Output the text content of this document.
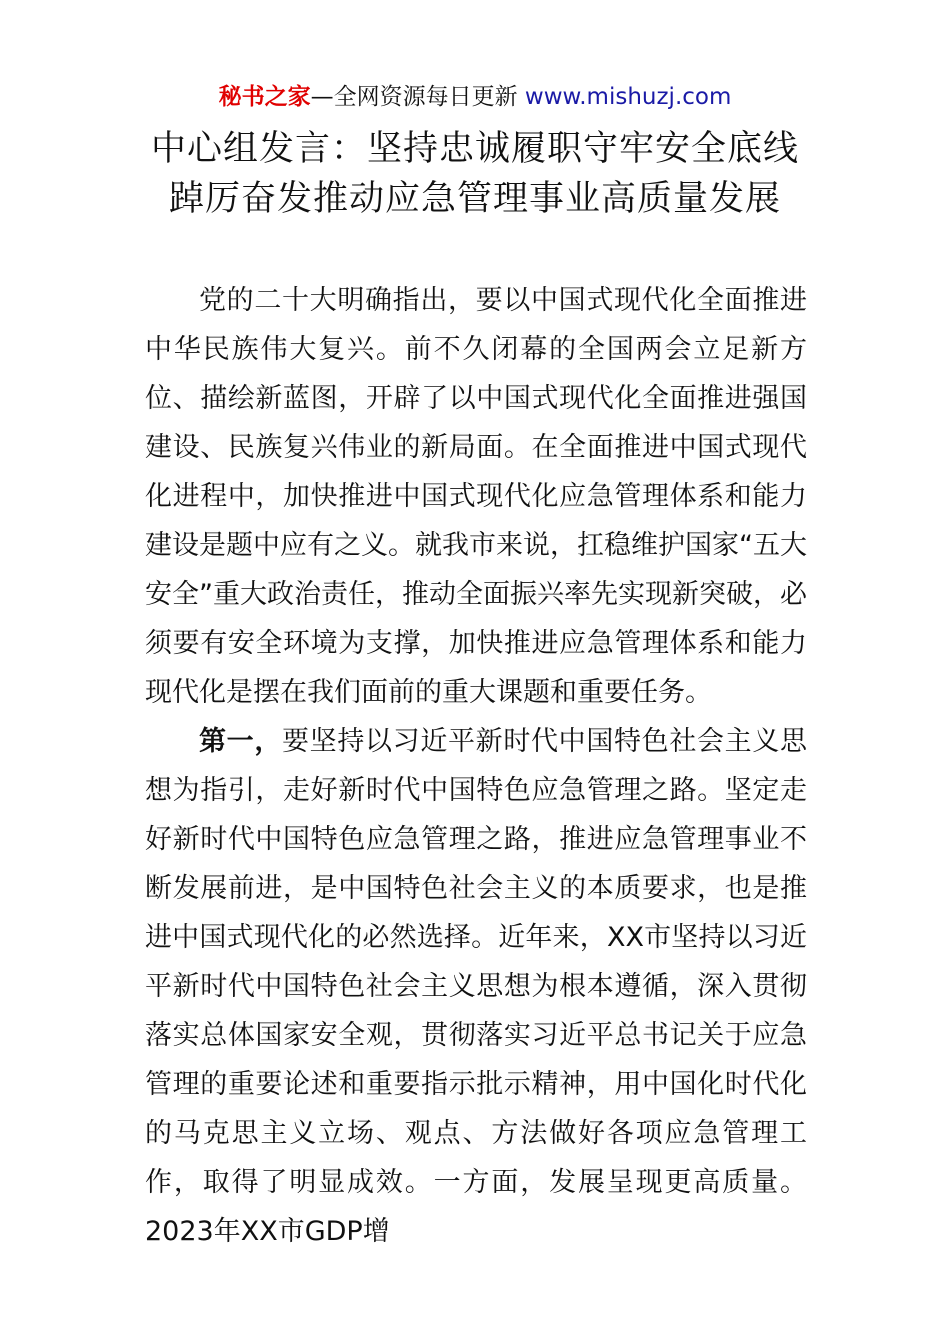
秘书之家—全网资源每日更新 www.mishuzj.com
中心组发言：坚持忠诚履职守牢安全底线
踔厉奋发推动应急管理事业高质量发展

党的二十大明确指出，要以中国式现代化全面推进中华民族伟大复兴。前不久闭幕的全国两会立足新方位、描绘新蓝图，开辟了以中国式现代化全面推进强国建设、民族复兴伟业的新局面。在全面推进中国式现代化进程中，加快推进中国式现代化应急管理体系和能力建设是题中应有之义。就我市来说，扛稳维护国家“五大安全”重大政治责任，推动全面振兴率先实现新突破，必须要有安全环境为支撑，加快推进应急管理体系和能力现代化是摆在我们面前的重大课题和重要任务。

第一，要坚持以习近平新时代中国特色社会主义思想为指引，走好新时代中国特色应急管理之路。坚定走好新时代中国特色应急管理之路，推进应急管理事业不断发展前进，是中国特色社会主义的本质要求，也是推进中国式现代化的必然选择。近年来，XX市坚持以习近平新时代中国特色社会主义思想为根本遵循，深入贯彻落实总体国家安全观，贯彻落实习近平总书记关于应急管理的重要论述和重要指示批示精神，用中国化时代化的马克思主义立场、观点、方法做好各项应急管理工作，取得了明显成效。一方面，发展呈现更高质量。2023年XX市GDP增
